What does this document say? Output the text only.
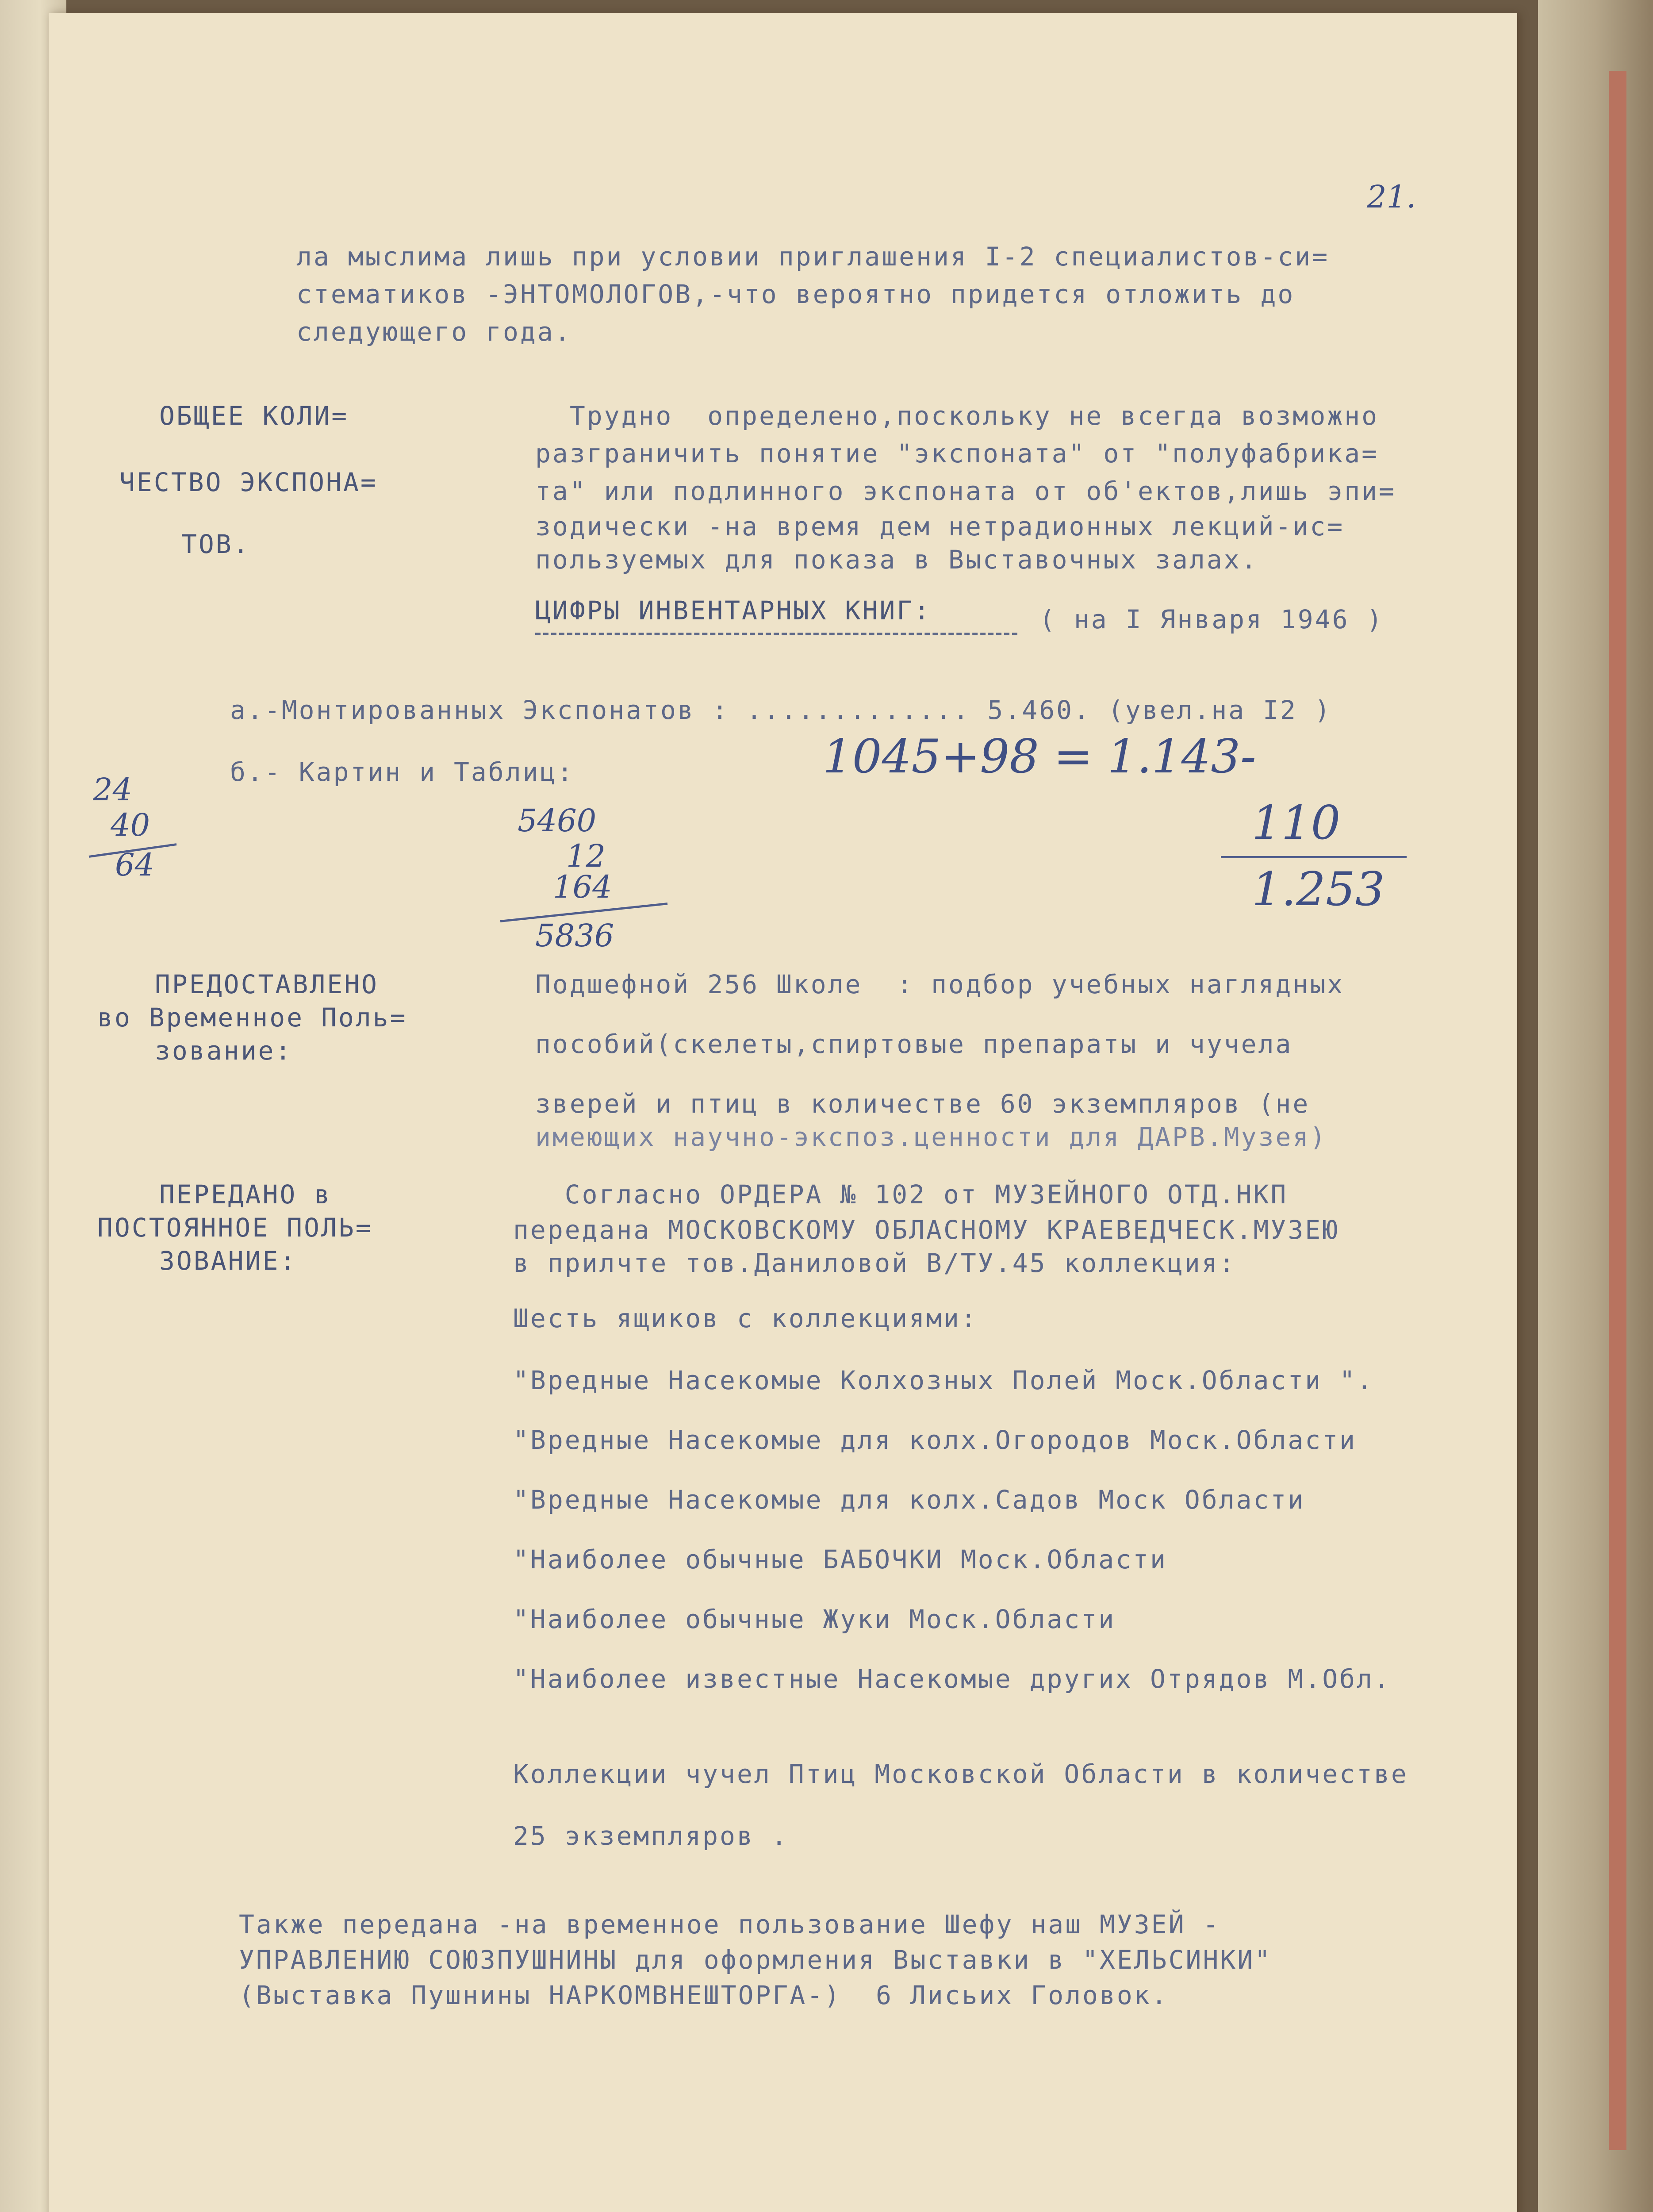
21.

ла мыслима лишь при условии приглашения I-2 специалистов-си=

стематиков -ЭНТОМОЛОГОВ,-что вероятно придется отложить до

следующего года.

ОБЩЕЕ КОЛИ=

ЧЕСТВО ЭКСПОНА=

ТОВ.

Трудно  определено,поскольку не всегда возможно

разграничить понятие "экспоната" от "полуфабрика=

та" или подлинного экспоната от об'ектов,лишь эпи=

зодически -на время дем нетрадионных лекций-ис=

пользуемых для показа в Выставочных залах.

ЦИФРЫ ИНВЕНТАРНЫХ КНИГ:	( на I Января 1946 )

а.-Монтированных Экспонатов : ............. 5.460. (увел.на I2 )

б.- Картин и Таблиц:	1045+98 = 1.143-

110

1.253

5460

12

164

5836

24

40

64

ПРЕДОСТАВЛЕНО

во Временное Поль=

зование:

Подшефной 256 Школе  : подбор учебных наглядных

пособий(скелеты,спиртовые препараты и чучела

зверей и птиц в количестве 60 экземпляров (не

имеющих научно-экспоз.ценности для ДАРВ.Музея)

ПЕРЕДАНО в

ПОСТОЯННОЕ ПОЛЬ=

ЗОВАНИЕ:

Согласно ОРДЕРА № 102 от МУЗЕЙНОГО ОТД.НКП

передана МОСКОВСКОМУ ОБЛАСНОМУ КРАЕВЕДЧЕСК.МУЗЕЮ

в прилчте тов.Даниловой В/ТУ.45 коллекция:

Шесть ящиков с коллекциями:

"Вредные Насекомые Колхозных Полей Моск.Области ".

"Вредные Насекомые для колх.Огородов Моск.Области

"Вредные Насекомые для колх.Садов Моск Области

"Наиболее обычные БАБОЧКИ Моск.Области

"Наиболее обычные Жуки Моск.Области

"Наиболее известные Насекомые других Отрядов М.Обл.

Коллекции чучел Птиц Московской Области в количестве

25 экземпляров .

Также передана -на временное пользование Шефу наш МУЗЕЙ -

УПРАВЛЕНИЮ СОЮЗПУШНИНЫ для оформления Выставки в "ХЕЛЬСИНКИ"

(Выставка Пушнины НАРКОМВНЕШТОРГА-)  6 Лисьих Головок.
